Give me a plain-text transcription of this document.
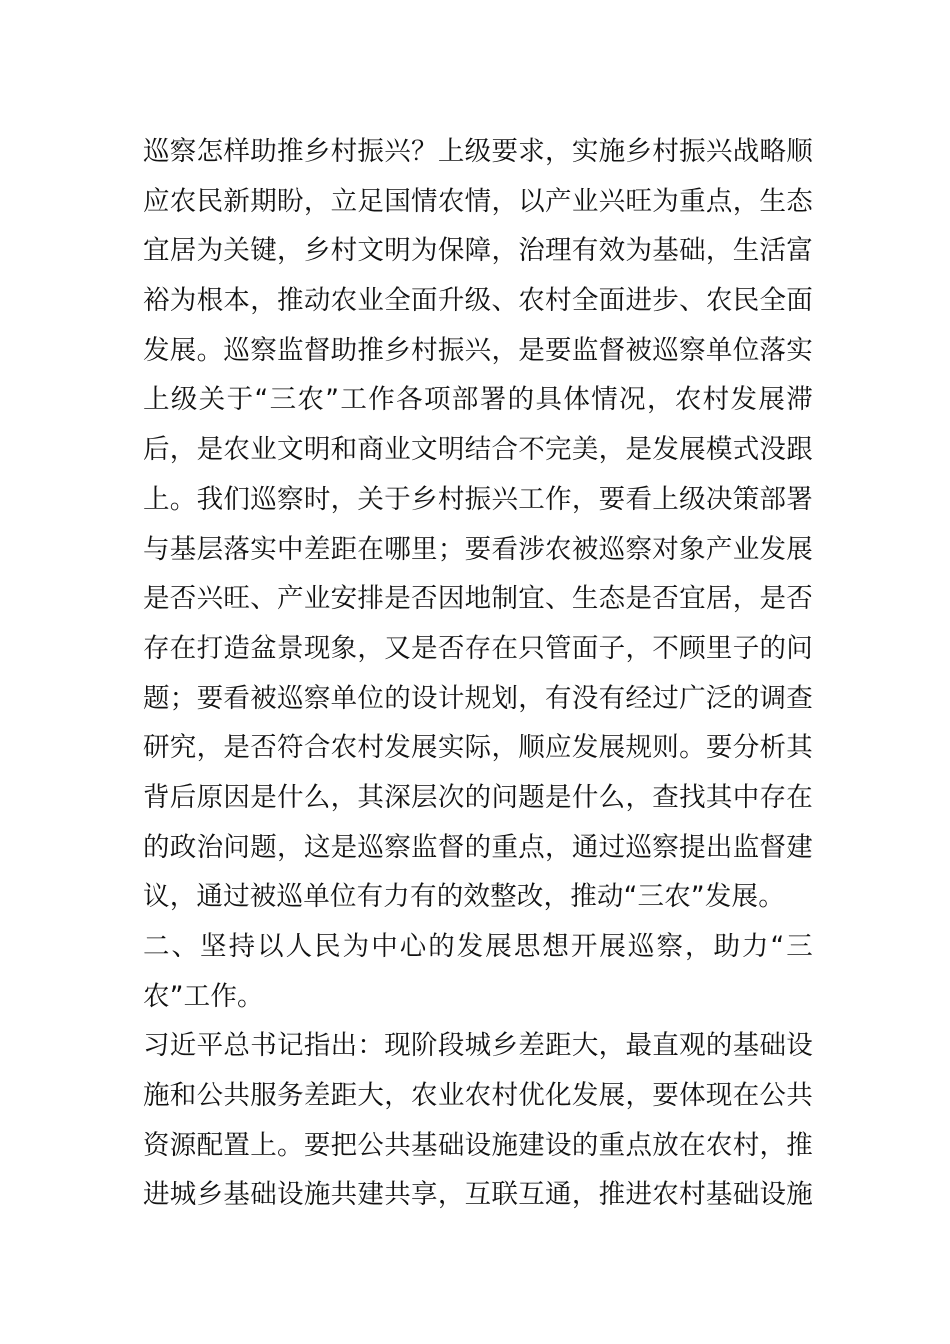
巡察怎样助推乡村振兴？上级要求，实施乡村振兴战略顺
应农民新期盼，立足国情农情，以产业兴旺为重点，生态
宜居为关键，乡村文明为保障，治理有效为基础，生活富
裕为根本，推动农业全面升级、农村全面进步、农民全面
发展。巡察监督助推乡村振兴，是要监督被巡察单位落实
上级关于“三农”工作各项部署的具体情况，农村发展滞
后，是农业文明和商业文明结合不完美，是发展模式没跟
上。我们巡察时，关于乡村振兴工作，要看上级决策部署
与基层落实中差距在哪里；要看涉农被巡察对象产业发展
是否兴旺、产业安排是否因地制宜、生态是否宜居，是否
存在打造盆景现象，又是否存在只管面子，不顾里子的问
题；要看被巡察单位的设计规划，有没有经过广泛的调查
研究，是否符合农村发展实际，顺应发展规则。要分析其
背后原因是什么，其深层次的问题是什么，查找其中存在
的政治问题，这是巡察监督的重点，通过巡察提出监督建
议，通过被巡单位有力有的效整改，推动“三农”发展。
二、坚持以人民为中心的发展思想开展巡察，助力“三
农”工作。
习近平总书记指出：现阶段城乡差距大，最直观的基础设
施和公共服务差距大，农业农村优化发展，要体现在公共
资源配置上。要把公共基础设施建设的重点放在农村，推
进城乡基础设施共建共享，互联互通，推进农村基础设施
